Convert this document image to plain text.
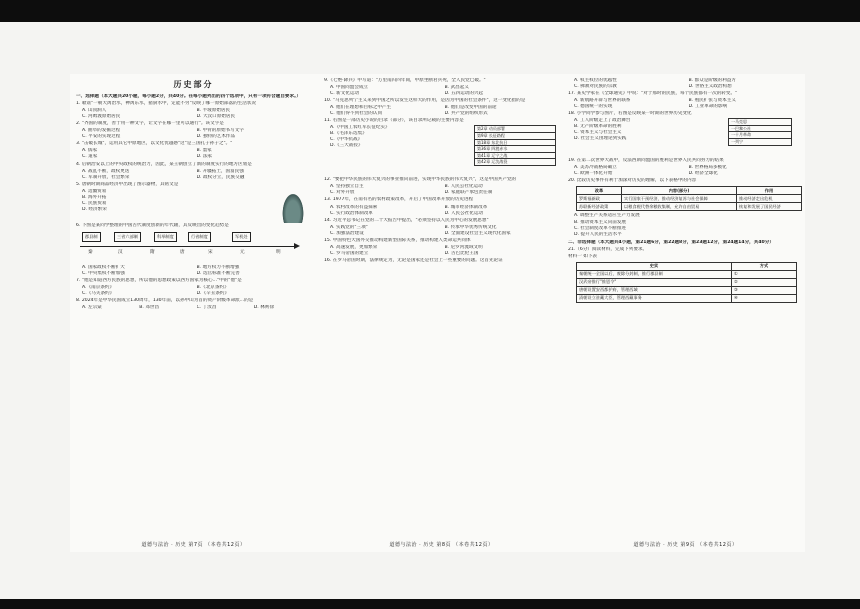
历史部分
一、选择题（本大题共20小题，每小题2分，共40分。在每小题列出的四个选项中，只有一项符合题目要求。）
1. 歌谣"一朝大禹治水，神禹东水，猪厨水中，定能不穷"反映了哪一原始部落的生活状况
A. 山顶洞人	B. 半坡原始居民
C. 河姆渡原始居民	D. 大汶口原始居民
2. "齐国的制度，善于用一种文字，让文字在哪一里可以通行"。该文字是
A. 曲阜的发掘过程	B. 甲骨的原始书写文字
C. 平安的实现过程	D. 独特的艺术作品
3. "击破长城"，运用其它中原地区，以文化优越感"这"是三国孔子孙子之"。"
A. 儒家	B. 墨家
C. 道家	D. 法家
4. 后朝治安以上的中央政权的统治力，因此，某王朝创立了新的制度实行的地方区划是
A. 战乱不断，政权更迭	B. 开疆拓土，国富民强
C. 军制开放，社会繁荣	D. 政权分立，民族交融
5. 唐朝时期商品经济中出现了图示器物，其铭文是
A. 边疆贸易
B. 海外开拓
C. 民族贸易
D. 经济繁荣
6. 下图是某同学整理的中国古代制度创新的年代轴，其反映出的变化趋势是
郡县制	三省六部制	科举制度	行省制度	军机处
秦	汉	隋	唐	宋	元	明
A. 国家政权不断扩大	B. 地方权力不断增强
C. 中央集权不断加强	D. 选官标准不断完善
7. "他是知道西方民族的思想，所以他的思想政策以西方国家为核心..."中的"他"是
A.《南京条约》	B.《北京条约》
C.《马关条约》	D.《辛丑条约》
8. 2024年是中华民国成立130周年，130年前，以孙中山为首的资产阶级革命派...的是
A. 左宗棠	B. 邓世昌	C. 丁汝昌	D. 林则徐
道德与法治 · 历史 第7页 （本卷共12页）
9.《七绝·降兵》中写道："万里南归四年间，中原坐断君兵死，全人民党已破。"
A. 中国同盟会成立	B. 武昌起义
C. 新文化运动	D. 五四运动的兴起
10. "马克思列宁主义来到中国之所以发生这样大的作用，是因为中国的社会条件"，这一变化指的是
A. 他们在理想和目标之中产生	B. 他们是改变中国的前途
C. 他们得不到社会的认同	D. 共产党的组织形式
11. 右图是一部历史小说的目录（部分），该目录所记载的主要内容是
第2章 动员部署
第9章 长征路程
第18章 东北抗日
第36章 四渡赤水
第41章 辽宁之战
第42章 辽沈战役
A.《中国工农红军长征纪实》
B.《毛泽东选集》
C.《中华抗战》
D.《三大战役》
12. "要把中华民族的伟大复兴的事业推向前进，实现中华民族的伟大复兴"，这是中国共产党的
A. 坚持独立自主	B. 人民公社化运动
C. 对外开放	D. 家庭联产承包责任制
13. 1977年，在南有名的农村政策改革，开启了中国改革开放的历史进程
A. 农村改革的有益探索	B. 城市经济体制改革
C. 实行政治体制改革	D. 人民公社化运动
14. 习近平总书记在党的二十大报告中提出，"必须坚持以人民为中心的发展思想"
A. 实践党的"三项"	B. 传承中华优秀传统文化
C. 加强法治建设	D. 全面建设社会主义现代化国家
15. 中国特色大国外交推动构建新型国际关系，推动构建人类命运共同体
A. 高速发展，更加繁荣	B. 尼罗河流域文明
C. 罗马帝国的建立	D. 古巴比伦王国
16. 在罗马帝国时期，法律规定为，无论是国家还是社会上一些重要的问题。这首先论证
道德与法治 · 历史 第8页 （本卷共12页）
A. 权主权位的优越性	B. 群众是阶级的利益方
C. 佛教对民族的宗教	D. 世俗主义政治构想
17. 某史学家在《全球通史》中说："对于那时的民族，每个民族都有一次的转变。"
A. 新航路开辟与世界的联系	B. 殖民扩张与资本主义
C. 德国统一的实现	D. 工业革命的影响
18. 小学同学参与图片，右图是反映某一时期的世界历史变化
一马克思
一巴黎公社
一十月革命
一列宁
A. 工人阶级走上了政治舞台
B. 无产阶级革命的胜利
C. 资本主义与社会主义
D. 社会主义由理论到实践
19. 在第二次世界大战中，反法西斯同盟国的胜利是世界人民共同努力的结果
A. 美苏冷战格局确立	B. 世界格局多极化
C. 欧洲一体化开始	D. 经济全球化
20. 比较历史事件有利于加深对历史的理解，以下表格中的内容
改革	内容(部分)	作用
罗斯福新政	实行国家干预经济，推动经济复苏与社会保障	推动经济走出危机
苏联新经济政策	以粮食税代替余粮收集制，允许自由贸易	恢复和发展了国民经济
A. 调整生产关系适应生产力发展
B. 推动资本主义向前发展
C. 社会制度改革不断推进
D. 提升人民的生活水平
二、非选择题（本大题共4小题，第21题6分，第22题8分，第23题12分，第24题14分，共40分）
21.（6分）阅读材料，完成下列要求。
材料一 如下表
史实	方式
秦朝统一全国以后，废除分封制，推行郡县制	①
汉武帝推行"推恩令"	②
唐朝设置安西都护府，管理西域	③
清朝设立驻藏大臣，管理西藏事务	④
道德与法治 · 历史 第9页 （本卷共12页）
